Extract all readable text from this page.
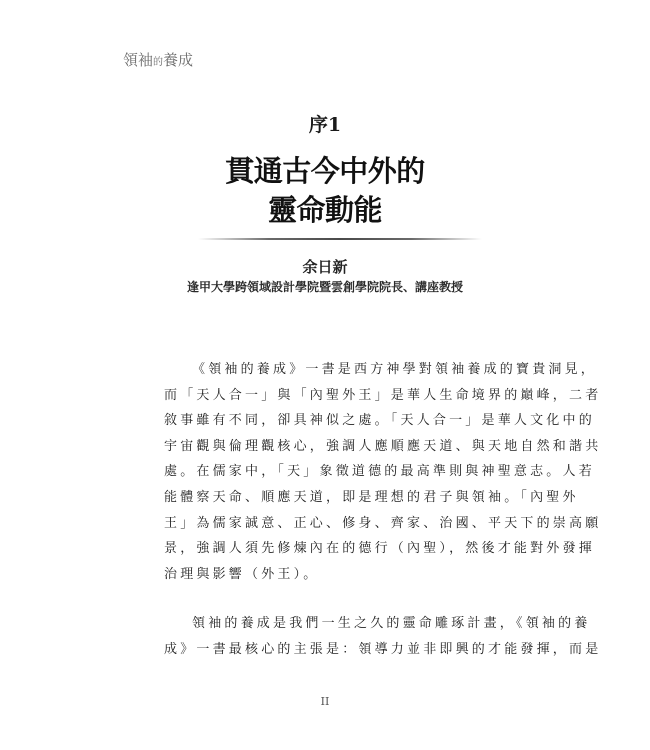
領袖的養成
序1
貫通古今中外的
靈命動能
余日新
逢甲大學跨領域設計學院暨雲創學院院長、講座教授

《領袖的養成》一書是西方神學對領袖養成的寶貴洞見，
而「天人合一」與「內聖外王」是華人生命境界的巔峰，二者
敘事雖有不同，卻具神似之處。「天人合一」是華人文化中的
宇宙觀與倫理觀核心，強調人應順應天道、與天地自然和諧共
處。在儒家中，「天」象徵道德的最高準則與神聖意志。人若
能體察天命、順應天道，即是理想的君子與領袖。「內聖外
王」為儒家誠意、正心、修身、齊家、治國、平天下的崇高願
景，強調人須先修煉內在的德行（內聖），然後才能對外發揮
治理與影響（外王）。

領袖的養成是我們一生之久的靈命雕琢計畫，《領袖的養
成》一書最核心的主張是：領導力並非即興的才能發揮，而是

II
